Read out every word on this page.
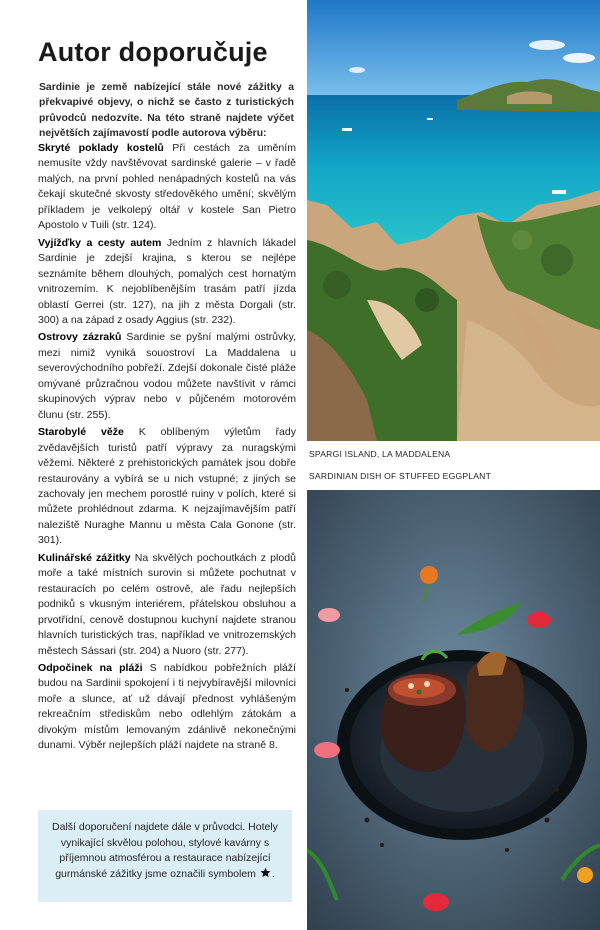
Autor doporučuje

Sardinie je země nabízející stále nové zážitky a překvapivé objevy, o nichž se často z turistických průvodců nedozvíte. Na této straně najdete výčet největších zajímavostí podle autorova výběru:

Skryté poklady kostelů Při cestách za uměním nemusíte vždy navštěvovat sardinské galerie – v řadě malých, na první pohled nenápadných kostelů na vás čekají skutečné skvosty středověkého umění; skvělým příkladem je velkolepý oltář v kostele San Pietro Apostolo v Tuili (str. 124).

Vyjížďky a cesty autem Jedním z hlavních lákadel Sardinie je zdejší krajina, s kterou se nejlépe seznámíte během dlouhých, pomalých cest hornatým vnitrozemím. K nejoblíbenějším trasám patří jízda oblastí Gerrei (str. 127), na jih z města Dorgali (str. 300) a na západ z osady Aggius (str. 232).

Ostrovy zázraků Sardinie se pyšní malými ostrůvky, mezi nimiž vyniká souostroví La Maddalena u severovýchodního pobřeží. Zdejší dokonale čisté pláže omývané průzračnou vodou můžete navštívit v rámci skupinových výprav nebo v půjčeném motorovém člunu (str. 255).

Starobylé věže K oblíbeným výletům řady zvědavějších turistů patří výpravy za nuragskými věžemi. Některé z prehistorických památek jsou dobře restaurovány a vybírá se u nich vstupné; z jiných se zachovaly jen mechem porostlé ruiny v polích, které si můžete prohlédnout zdarma. K nejzajímavějším patří naleziště Nuraghe Mannu u města Cala Gonone (str. 301).

Kulinářské zážitky Na skvělých pochoutkách z plodů moře a také místních surovin si můžete pochutnat v restauracích po celém ostrově, ale řadu nejlepších podniků s vkusným interiérem, přátelskou obsluhou a prvotřídní, cenově dostupnou kuchyní najdete stranou hlavních turistických tras, například ve vnitrozemských městech Sássari (str. 204) a Nuoro (str. 277).

Odpočinek na pláži S nabídkou pobřežních pláží budou na Sardinii spokojení i ti nejvybíravější milovníci moře a slunce, ať už dávají přednost vyhlášeným rekreačním střediskům nebo odlehlým zátokám a divokým místům lemovaným zdánlivě nekonečnými dunami. Výběr nejlepších pláží najdete na straně 8.

Další doporučení najdete dále v průvodci. Hotely vynikající skvělou polohou, stylové kavárny s příjemnou atmosférou a restaurace nabízející gurmánské zážitky jsme označili symbolem .

SPARGI ISLAND, LA MADDALENA
SARDINIAN DISH OF STUFFED EGGPLANT
